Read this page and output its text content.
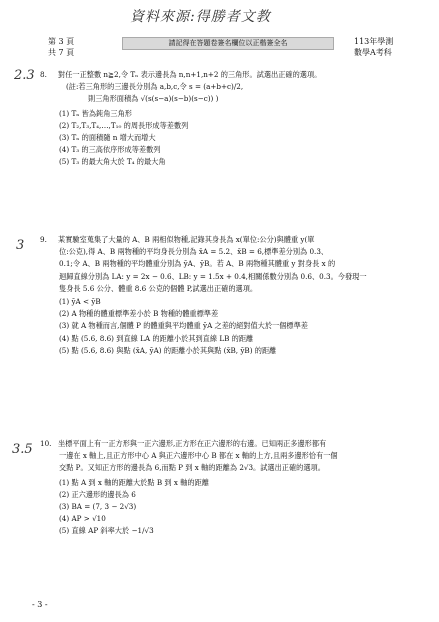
資料來源:得勝者文教
第 3 頁
共 7 頁
請記得在答題卷簽名欄位以正楷簽全名	113年學測
數學A考科
2.3
3
3.5
8. 對任一正整數 n≧2,令 Tₙ 表示邊長為 n,n+1,n+2 的三角形。試選出正確的選項。
(註:若三角形的三邊長分別為 a,b,c,令 s = (a+b+c)/2,
則三角形面積為 √(s(s−a)(s−b)(s−c)) )
(1) Tₙ 皆為鈍角三角形
(2) T₂,T₃,T₄,…,T₁₀ 的周長形成等差數列
(3) Tₙ 的面積隨 n 增大而增大
(4) T₃ 的三高依序形成等差數列
(5) T₃ 的最大角大於 T₄ 的最大角
9. 某實驗室蒐集了大量的 A、B 兩相似物種,記錄其身長為 x(單位:公分)與體重 y(單
位:公克),得 A、B 兩物種的平均身長分別為 x̄A = 5.2、x̄B = 6,標準差分別為 0.3、
0.1;令 A、B 兩物種的平均體重分別為 ȳA、ȳB。若 A、B 兩物種其體重 y 對身長 x 的
迴歸直線分別為 LA: y = 2x − 0.6、LB: y = 1.5x + 0.4,相關係數分別為 0.6、0.3。今發現一
隻身長 5.6 公分、體重 8.6 公克的個體 P,試選出正確的選項。
(1) ȳA < ȳB
(2) A 物種的體重標準差小於 B 物種的體重標準差
(3) 就 A 物種而言,個體 P 的體重與平均體重 ȳA 之差的絕對值大於一個標準差
(4) 點 (5.6, 8.6) 到直線 LA 的距離小於其到直線 LB 的距離
(5) 點 (5.6, 8.6) 與點 (x̄A, ȳA) 的距離小於其與點 (x̄B, ȳB) 的距離
10. 坐標平面上有一正方形與一正六邊形,正方形在正六邊形的右邊。已知兩正多邊形都有
一邊在 x 軸上,且正方形中心 A 與正六邊形中心 B 都在 x 軸的上方,且兩多邊形恰有一個
交點 P。又知正方形的邊長為 6,而點 P 到 x 軸的距離為 2√3。試選出正確的選項。
(1) 點 A 到 x 軸的距離大於點 B 到 x 軸的距離
(2) 正六邊形的邊長為 6
(3) BA = (7, 3 − 2√3)
(4) AP > √10
(5) 直線 AP 斜率大於 −1/√3
- 3 -
